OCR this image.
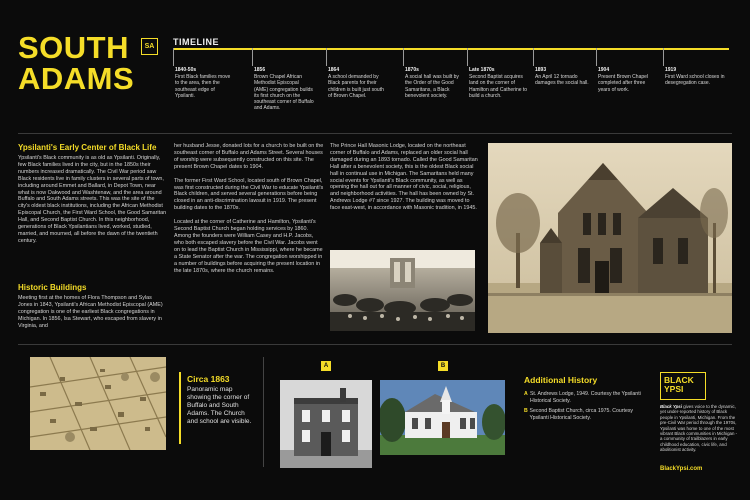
SOUTH
ADAMS
SA	TIMELINE
1840-50s
First Black families move to the area, then the southeast edge of Ypsilanti.
1856
Brown Chapel African Methodist Episcopal (AME) congregation builds its first church on the southeast corner of Buffalo and Adams.
1864
A school demanded by Black parents for their children is built just south of Brown Chapel.
1870s
A social hall was built by the Order of the Good Samaritans, a Black benevolent society.
Late 1870s
Second Baptist acquires land on the corner of Hamilton and Catherine to build a church.
1893
An April 12 tornado damages the social hall.
1904
Present Brown Chapel completed after three years of work.
1919
First Ward school closes in desegregation case.
Ypsilanti's Early Center of Black Life
Ypsilanti's Black community is as old as Ypsilanti. Originally, few Black families lived in the city, but in the 1850s their numbers increased dramatically. The Civil War period saw Black residents live in family clusters in several parts of town, including around Emmet and Ballard, in Depot Town, near what is now Oakwood and Washtenaw, and the area around Buffalo and South Adams streets. This was the site of the city's oldest black institutions, including the African Methodist Episcopal Church, the First Ward School, the Good Samaritan Hall, and Second Baptist Church. In this neighborhood, generations of Black Ypsilantians lived, worked, studied, married, and mourned, all before the dawn of the twentieth century.
Historic Buildings
Meeting first at the homes of Flora Thompson and Sylas Jones in 1843, Ypsilanti's African Methodist Episcopal (AME) congregation is one of the earliest Black congregations in Michigan. In 1856, Isa Stewart, who escaped from slavery in Virginia, and
her husband Jesse, donated lots for a church to be built on the southeast corner of Buffalo and Adams Street. Several houses of worship were subsequently constructed on this site. The present Brown Chapel dates to 1904.
The former First Ward School, located south of Brown Chapel, was first constructed during the Civil War to educate Ypsilanti's Black children, and served several generations before being closed in an anti-discrimination lawsuit in 1919. The present building dates to the 1870s.
Located at the corner of Catherine and Hamilton, Ypsilanti's Second Baptist Church began holding services by 1860. Among the founders were William Casey and H.P. Jacobs, who both escaped slavery before the Civil War. Jacobs went on to lead the Baptist Church in Mississippi, where he became a State Senator after the war. The congregation worshipped in a number of buildings before acquiring the present location in the late 1870s, where the church remains.
The Prince Hall Masonic Lodge, located on the northeast corner of Buffalo and Adams, replaced an older social hall damaged during an 1893 tornado. Called the Good Samaritan Hall after a benevolent society, this is the oldest Black social hall in continual use in Michigan. The Samaritans held many social events for Ypsilanti's Black community, as well as opening the hall out for all manner of civic, social, religious, and neighborhood activities. The hall has been owned by St. Andrews Lodge #7 since 1927. The building was moved to face east-west, in accordance with Masonic tradition, in 1945.
Circa 1863
Panoramic map showing the corner of Buffalo and South Adams. The Church and school are visible.
A	B
Additional History
A St. Andrews Lodge, 1949. Courtesy the Ypsilanti Historical Society.
B Second Baptist Church, circa 1975. Courtesy Ypsilanti Historical Society.
BLACK
YPSI
Black Ypsi gives voice to the dynamic, yet under-reported history of Black people in Ypsilanti, Michigan. From the pre-Civil War period through the 1970s, Ypsilanti was home to one of the most vibrant Black communities in Michigan - a community of trailblazers in early childhood education, civic life, and abolitionist activity.
BlackYpsi.com
